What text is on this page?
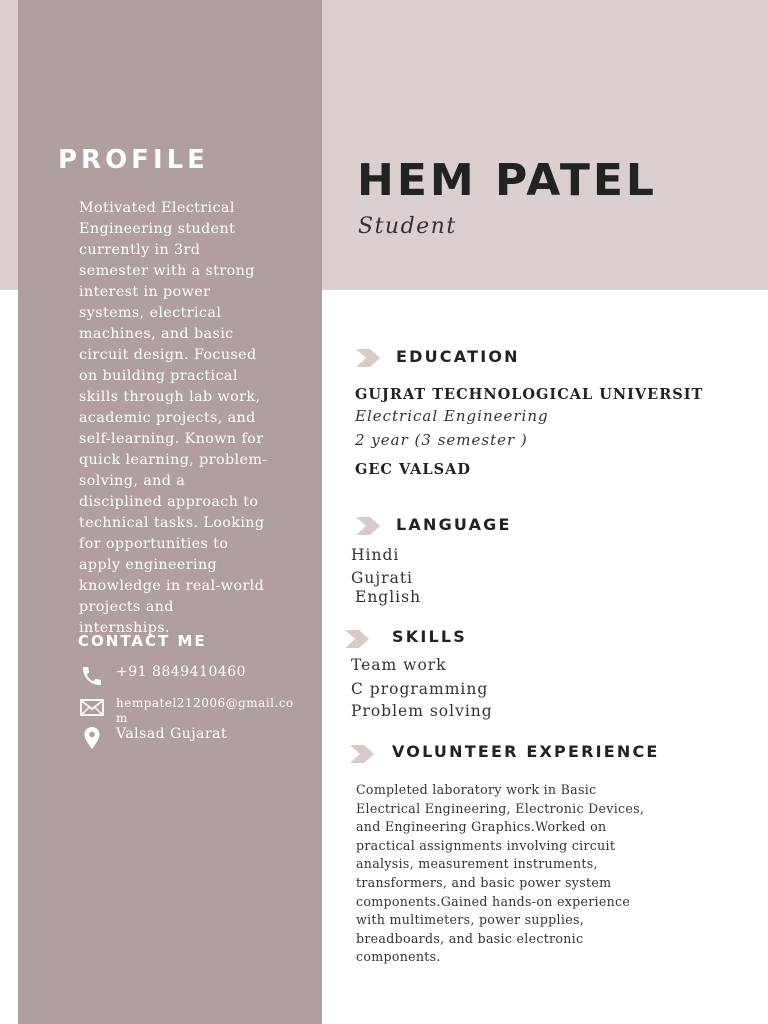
PROFILE

Motivated Electrical Engineering student currently in 3rd semester with a strong interest in power systems, electrical machines, and basic circuit design. Focused on building practical skills through lab work, academic projects, and self-learning. Known for quick learning, problem-solving, and a disciplined approach to technical tasks. Looking for opportunities to apply engineering knowledge in real-world projects and internships.

CONTACT ME
+91 8849410460
hempatel212006@gmail.com
Valsad Gujarat
HEM PATEL

Student

EDUCATION

GUJRAT TECHNOLOGICAL UNIVERSIT

Electrical Engineering

2 year (3 semester )

GEC VALSAD

LANGUAGE

Hindi

Gujrati

English

SKILLS

Team work

C programming

Problem solving

VOLUNTEER EXPERIENCE

Completed laboratory work in Basic Electrical Engineering, Electronic Devices, and Engineering Graphics.Worked on practical assignments involving circuit analysis, measurement instruments, transformers, and basic power system components.Gained hands-on experience with multimeters, power supplies, breadboards, and basic electronic components.
